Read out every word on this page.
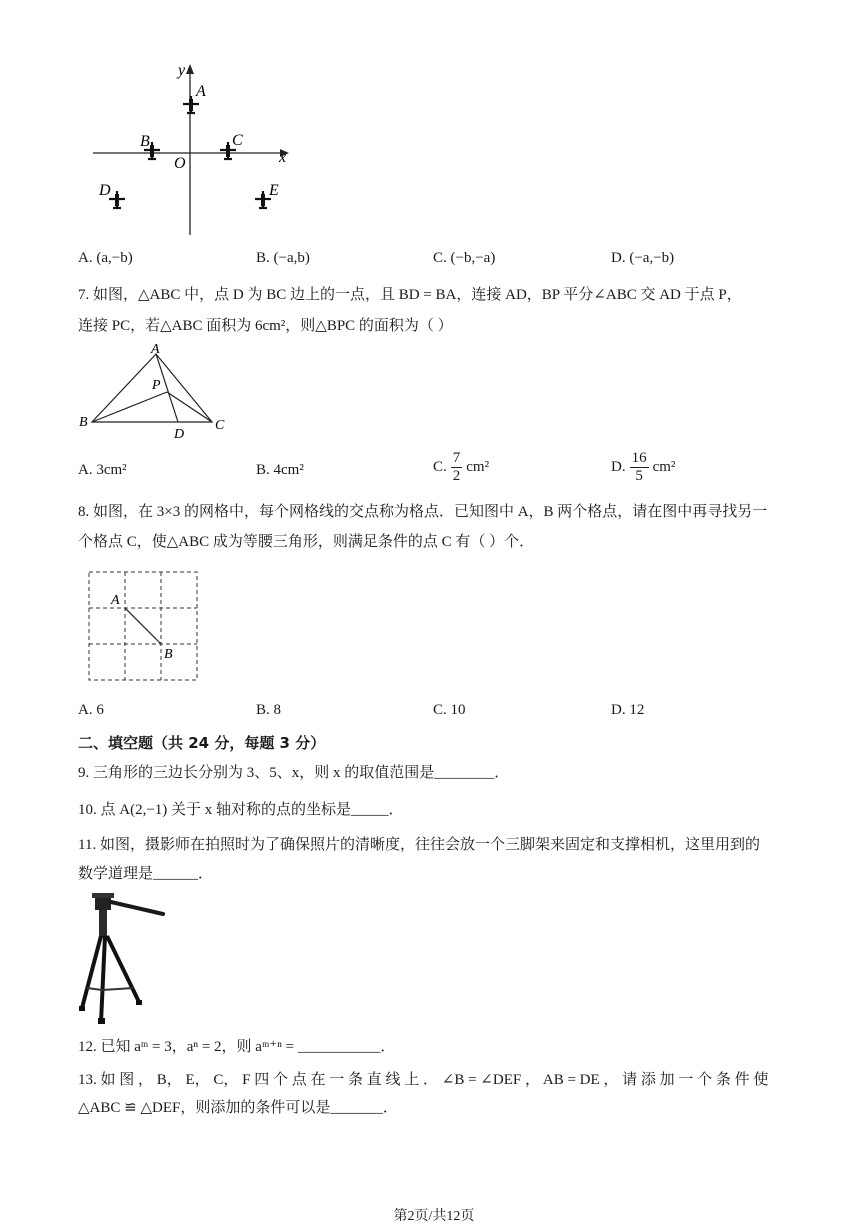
y
x
O
A
B	C
D	E
A. (a,−b)	B. (−a,b)	C. (−b,−a)	D. (−a,−b)
7. 如图，△ABC 中，点 D 为 BC 边上的一点，且 BD = BA，连接 AD，BP 平分∠ABC 交 AD 于点 P，
连接 PC，若△ABC 面积为 6cm²，则△BPC 的面积为（ ）
A
P
B
D
C
A. 3cm²	B. 4cm²	C. $\frac{7}{2} cm^2$	D. $\frac{16}{5} cm^2$
8. 如图，在 3×3 的网格中，每个网格线的交点称为格点．已知图中 A，B 两个格点，请在图中再寻找另一
个格点 C，使△ABC 成为等腰三角形，则满足条件的点 C 有（ ）个．
A
B
A. 6	B. 8	C. 10	D. 12
二、填空题（共 24 分，每题 3 分）
9. 三角形的三边长分别为 3、5、x，则 x 的取值范围是________．
10. 点 A(2,−1) 关于 x 轴对称的点的坐标是_____．
11. 如图，摄影师在拍照时为了确保照片的清晰度，往往会放一个三脚架来固定和支撑相机，这里用到的
数学道理是______．
12. 已知 aᵐ = 3，aⁿ = 2，则 aᵐ⁺ⁿ = ___________．
13. 如 图 ， B， E， C， F 四 个 点 在 一 条 直 线 上 ． ∠B = ∠DEF ， AB = DE ， 请 添 加 一 个 条 件 使
△ABC ≌ △DEF，则添加的条件可以是_______．
第2页/共12页
